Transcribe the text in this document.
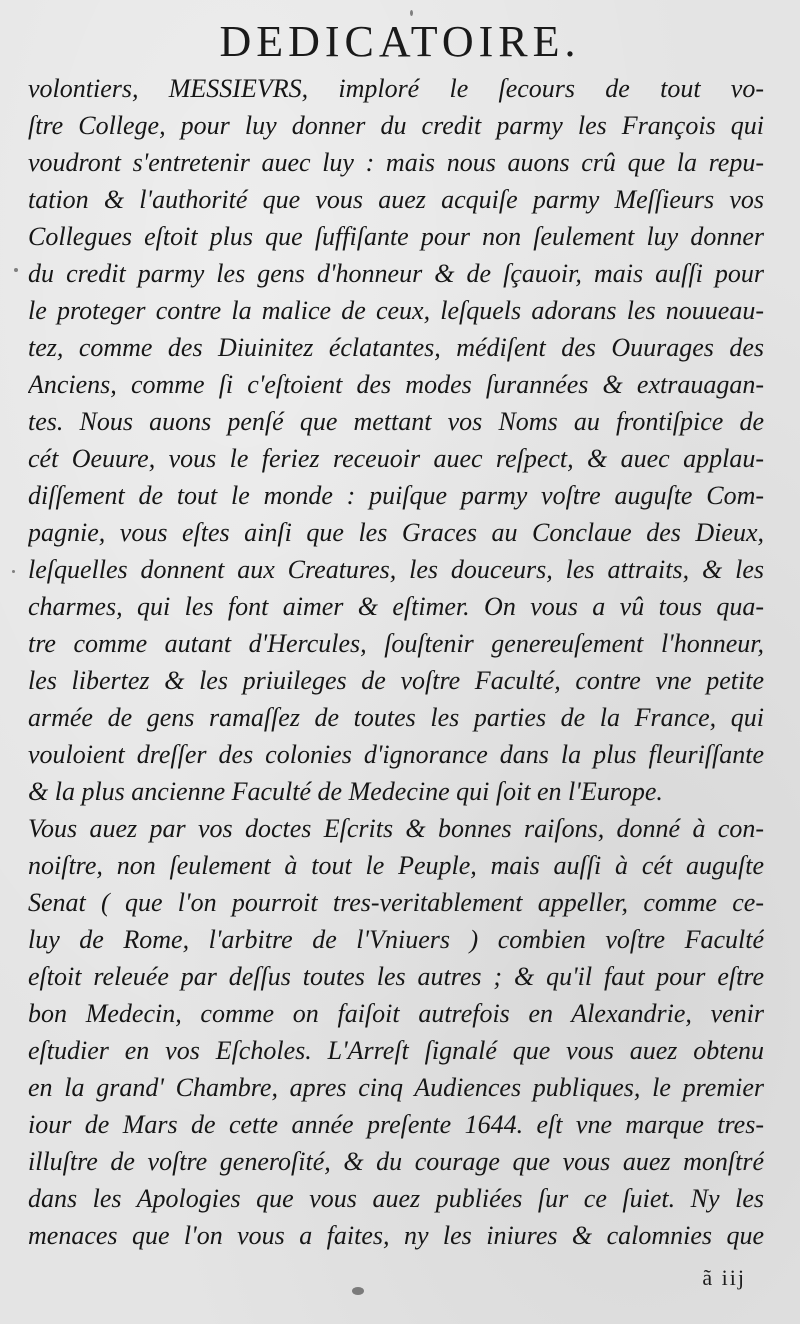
DEDICATOIRE.
volontiers, MESSIEVRS, imploré le ſecours de tout vo-
ſtre College, pour luy donner du credit parmy les François qui
voudront s'entretenir auec luy : mais nous auons crû que la repu-
tation & l'authorité que vous auez acquiſe parmy Meſſieurs vos
Collegues eſtoit plus que ſuffiſante pour non ſeulement luy donner
du credit parmy les gens d'honneur & de ſçauoir, mais auſſi pour
le proteger contre la malice de ceux, leſquels adorans les nouueau-
tez, comme des Diuinitez éclatantes, médiſent des Ouurages des
Anciens, comme ſi c'eſtoient des modes ſurannées & extrauagan-
tes. Nous auons penſé que mettant vos Noms au frontiſpice de
cét Oeuure, vous le feriez receuoir auec reſpect, & auec applau-
diſſement de tout le monde : puiſque parmy voſtre auguſte Com-
pagnie, vous eſtes ainſi que les Graces au Conclaue des Dieux,
leſquelles donnent aux Creatures, les douceurs, les attraits, & les
charmes, qui les font aimer & eſtimer. On vous a vû tous qua-
tre comme autant d'Hercules, ſouſtenir genereuſement l'honneur,
les libertez & les priuileges de voſtre Faculté, contre vne petite
armée de gens ramaſſez de toutes les parties de la France, qui
vouloient dreſſer des colonies d'ignorance dans la plus fleuriſſante
& la plus ancienne Faculté de Medecine qui ſoit en l'Europe.
Vous auez par vos doctes Eſcrits & bonnes raiſons, donné à con-
noiſtre, non ſeulement à tout le Peuple, mais auſſi à cét auguſte
Senat ( que l'on pourroit tres-veritablement appeller, comme ce-
luy de Rome, l'arbitre de l'Vniuers ) combien voſtre Faculté
eſtoit releuée par deſſus toutes les autres ; & qu'il faut pour eſtre
bon Medecin, comme on faiſoit autrefois en Alexandrie, venir
eſtudier en vos Eſcholes. L'Arreſt ſignalé que vous auez obtenu
en la grand' Chambre, apres cinq Audiences publiques, le premier
iour de Mars de cette année preſente 1644. eſt vne marque tres-
illuſtre de voſtre generoſité, & du courage que vous auez monſtré
dans les Apologies que vous auez publiées ſur ce ſuiet. Ny les
menaces que l'on vous a faites, ny les iniures & calomnies que
ã iij
